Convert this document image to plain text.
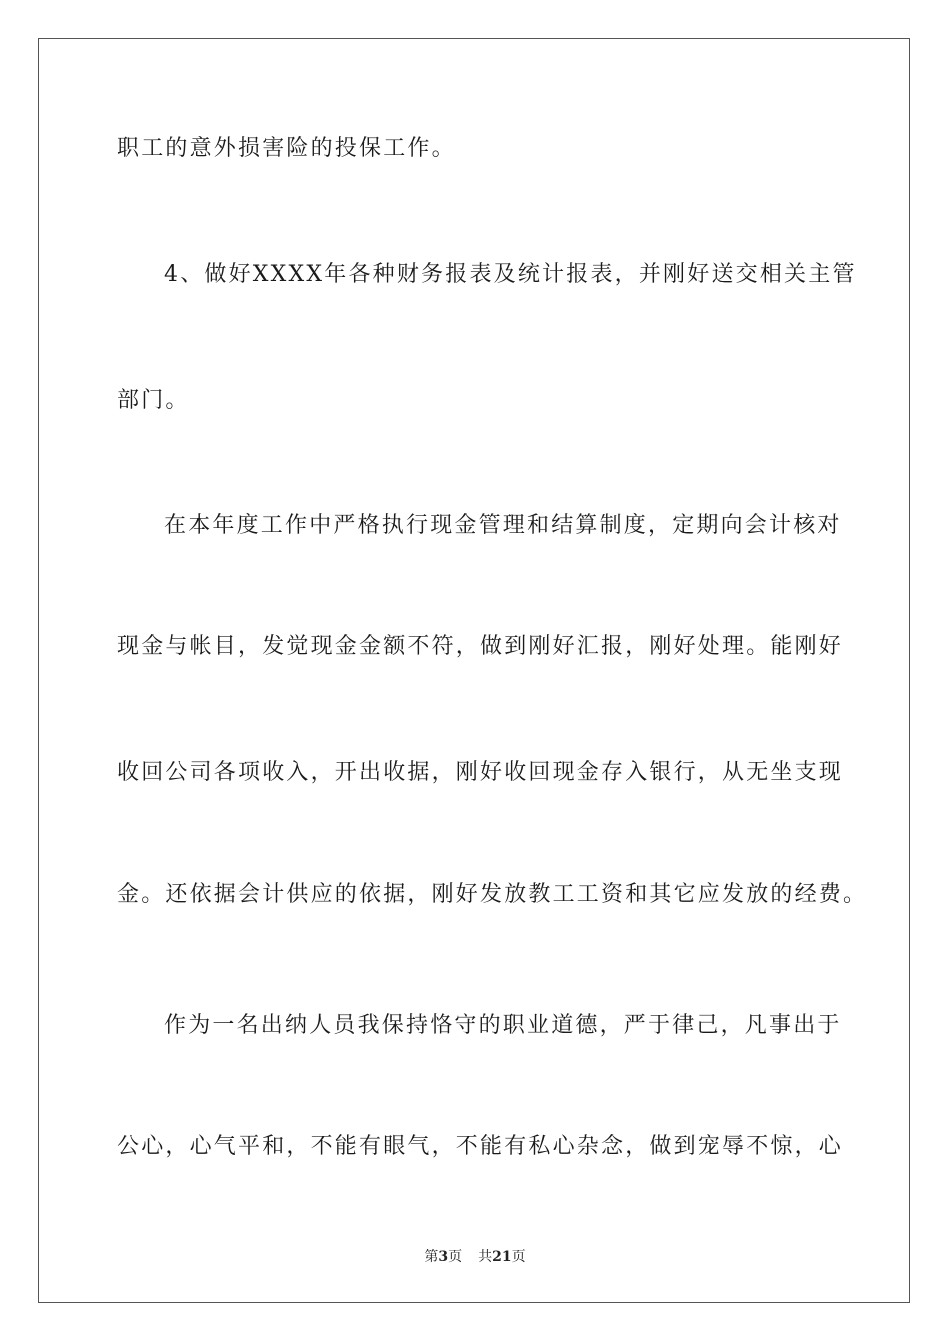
职工的意外损害险的投保工作。
4、做好XXXX年各种财务报表及统计报表，并刚好送交相关主管
部门。
在本年度工作中严格执行现金管理和结算制度，定期向会计核对
现金与帐目，发觉现金金额不符，做到刚好汇报，刚好处理。能刚好
收回公司各项收入，开出收据，刚好收回现金存入银行，从无坐支现
金。还依据会计供应的依据，刚好发放教工工资和其它应发放的经费。
作为一名出纳人员我保持恪守的职业道德，严于律己，凡事出于
公心，心气平和，不能有眼气，不能有私心杂念，做到宠辱不惊，心
第3页 共21页
